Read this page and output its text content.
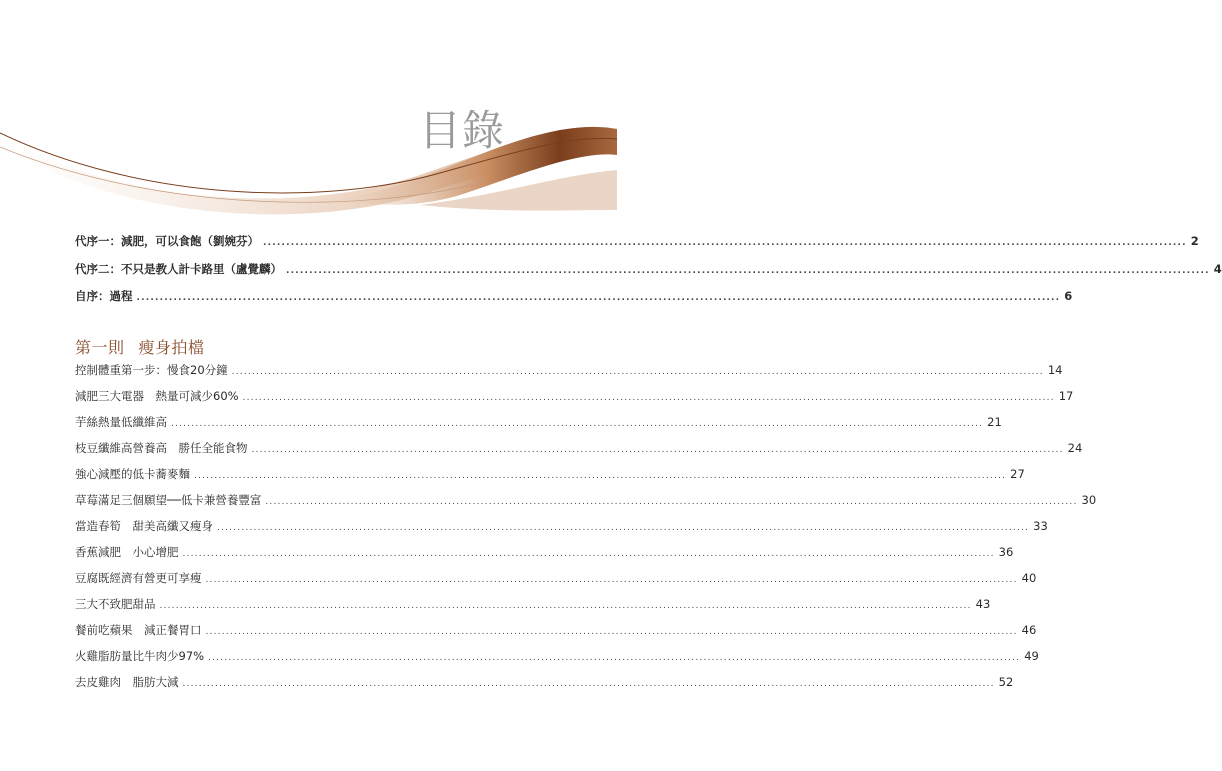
目錄
代序一：減肥，可以食飽（劉婉芬） ........................................................................................................................................................................................................ 2
代序二：不只是教人計卡路里（盧覺麟） ........................................................................................................................................................................................................ 4
自序：過程 ........................................................................................................................................................................................................ 6
第一則 瘦身拍檔
控制體重第一步：慢食20分鐘 ........................................................................................................................................................................................................ 14
減肥三大電器　熱量可減少60% ........................................................................................................................................................................................................ 17
芋絲熱量低纖維高 ........................................................................................................................................................................................................ 21
枝豆纖維高營養高　勝任全能食物 ........................................................................................................................................................................................................ 24
強心減壓的低卡蕎麥麵 ........................................................................................................................................................................................................ 27
草莓滿足三個願望──低卡兼營養豐富 ........................................................................................................................................................................................................ 30
當造春筍　甜美高纖又瘦身 ........................................................................................................................................................................................................ 33
香蕉減肥　小心增肥 ........................................................................................................................................................................................................ 36
豆腐既經濟有營更可享瘦 ........................................................................................................................................................................................................ 40
三大不致肥甜品 ........................................................................................................................................................................................................ 43
餐前吃蘋果　減正餐胃口 ........................................................................................................................................................................................................ 46
火雞脂肪量比牛肉少97% ........................................................................................................................................................................................................ 49
去皮雞肉　脂肪大減 ........................................................................................................................................................................................................ 52
